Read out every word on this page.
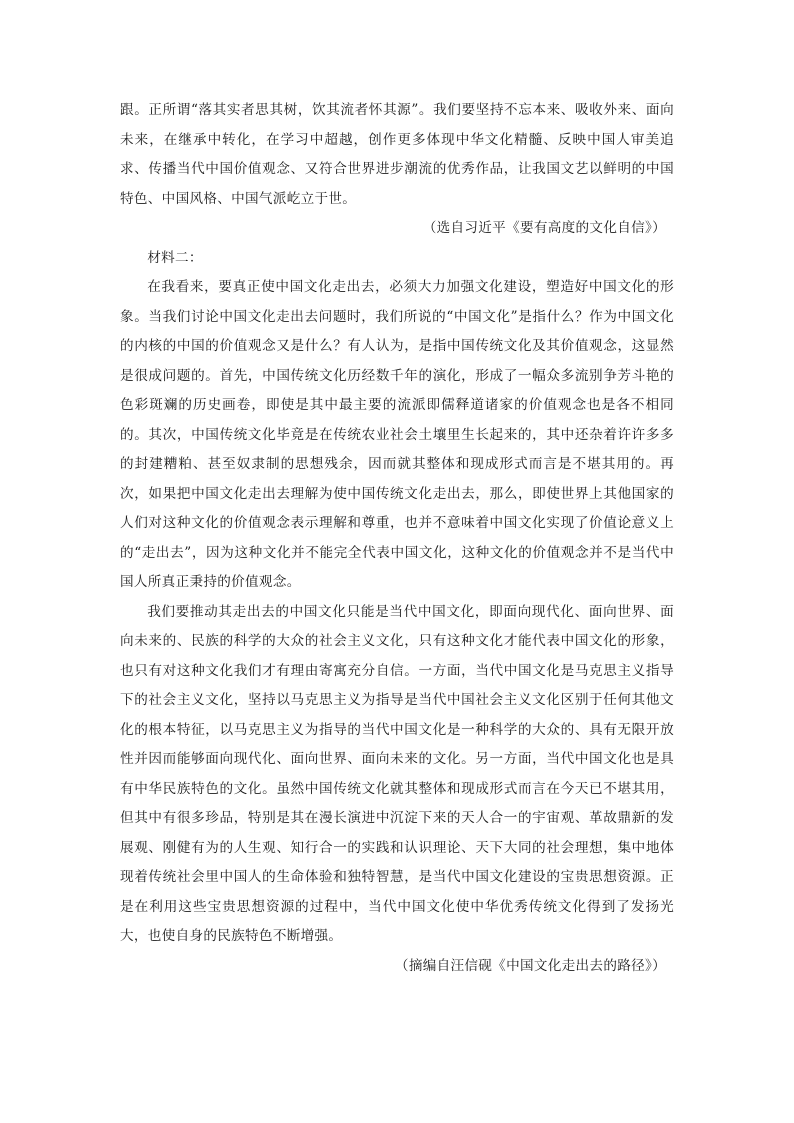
跟。正所谓“落其实者思其树，饮其流者怀其源”。我们要坚持不忘本来、吸收外来、面向未来，在继承中转化，在学习中超越，创作更多体现中华文化精髓、反映中国人审美追求、传播当代中国价值观念、又符合世界进步潮流的优秀作品，让我国文艺以鲜明的中国特色、中国风格、中国气派屹立于世。

（选自习近平《要有高度的文化自信》）

材料二：

在我看来，要真正使中国文化走出去，必须大力加强文化建设，塑造好中国文化的形象。当我们讨论中国文化走出去问题时，我们所说的“中国文化”是指什么？作为中国文化的内核的中国的价值观念又是什么？有人认为，是指中国传统文化及其价值观念，这显然是很成问题的。首先，中国传统文化历经数千年的演化，形成了一幅众多流别争芳斗艳的色彩斑斓的历史画卷，即使是其中最主要的流派即儒释道诸家的价值观念也是各不相同的。其次，中国传统文化毕竟是在传统农业社会土壤里生长起来的，其中还杂着许许多多的封建糟粕、甚至奴隶制的思想残余，因而就其整体和现成形式而言是不堪其用的。再次，如果把中国文化走出去理解为使中国传统文化走出去，那么，即使世界上其他国家的人们对这种文化的价值观念表示理解和尊重，也并不意味着中国文化实现了价值论意义上的“走出去”，因为这种文化并不能完全代表中国文化，这种文化的价值观念并不是当代中国人所真正秉持的价值观念。

我们要推动其走出去的中国文化只能是当代中国文化，即面向现代化、面向世界、面向未来的、民族的科学的大众的社会主义文化，只有这种文化才能代表中国文化的形象，也只有对这种文化我们才有理由寄寓充分自信。一方面，当代中国文化是马克思主义指导下的社会主义文化，坚持以马克思主义为指导是当代中国社会主义文化区别于任何其他文化的根本特征，以马克思主义为指导的当代中国文化是一种科学的大众的、具有无限开放性并因而能够面向现代化、面向世界、面向未来的文化。另一方面，当代中国文化也是具有中华民族特色的文化。虽然中国传统文化就其整体和现成形式而言在今天已不堪其用，但其中有很多珍品，特别是其在漫长演进中沉淀下来的天人合一的宇宙观、革故鼎新的发展观、刚健有为的人生观、知行合一的实践和认识理论、天下大同的社会理想，集中地体现着传统社会里中国人的生命体验和独特智慧，是当代中国文化建设的宝贵思想资源。正是在利用这些宝贵思想资源的过程中，当代中国文化使中华优秀传统文化得到了发扬光大，也使自身的民族特色不断增强。

（摘编自汪信砚《中国文化走出去的路径》）
